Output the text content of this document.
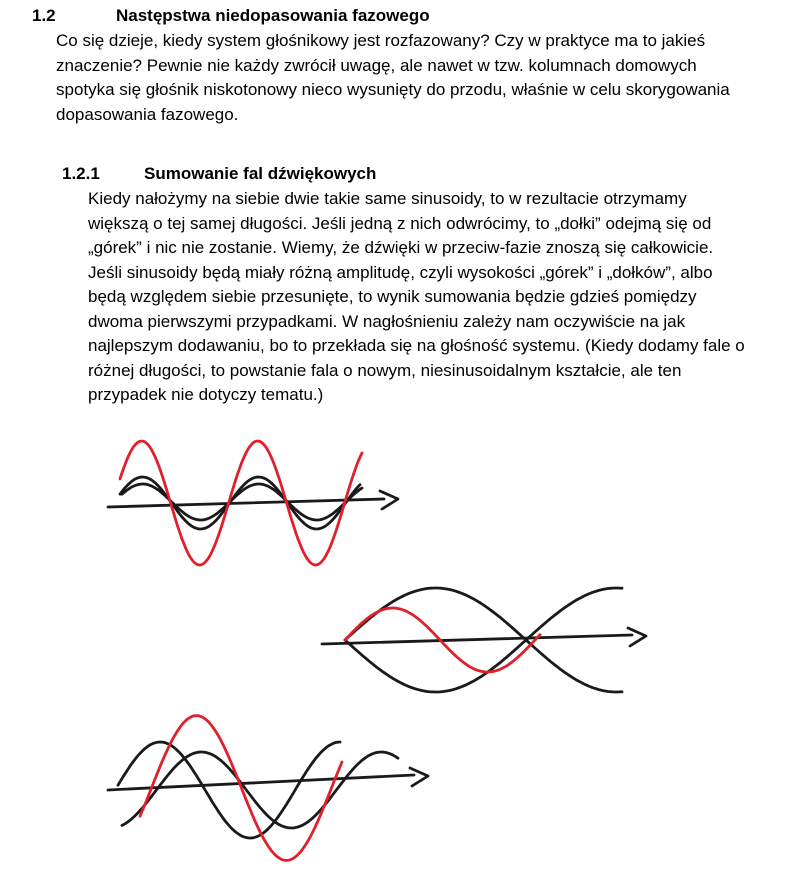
1.2	Następstwa niedopasowania fazowego
Co się dzieje, kiedy system głośnikowy jest rozfazowany? Czy w praktyce ma to jakieś
znaczenie? Pewnie nie każdy zwrócił uwagę, ale nawet w tzw. kolumnach domowych
spotyka się głośnik niskotonowy nieco wysunięty do przodu, właśnie w celu skorygowania
dopasowania fazowego.
1.2.1	Sumowanie fal dźwiękowych
Kiedy nałożymy na siebie dwie takie same sinusoidy, to w rezultacie otrzymamy
większą o tej samej długości. Jeśli jedną z nich odwrócimy, to „dołki” odejmą się od
„górek” i nic nie zostanie. Wiemy, że dźwięki w przeciw-fazie znoszą się całkowicie.
Jeśli sinusoidy będą miały różną amplitudę, czyli wysokości „górek” i „dołków”, albo
będą względem siebie przesunięte, to wynik sumowania będzie gdzieś pomiędzy
dwoma pierwszymi przypadkami. W nagłośnieniu zależy nam oczywiście na jak
najlepszym dodawaniu, bo to przekłada się na głośność systemu. (Kiedy dodamy fale o
różnej długości, to powstanie fala o nowym, niesinusoidalnym kształcie, ale ten
przypadek nie dotyczy tematu.)
